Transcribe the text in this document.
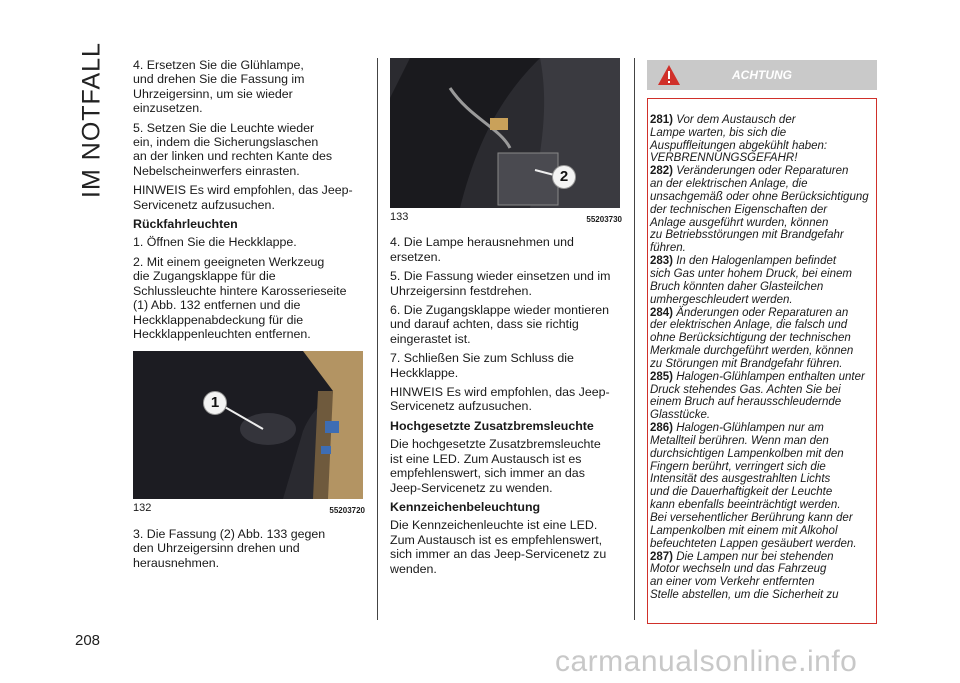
IM NOTFALL
208

4. Ersetzen Sie die Glühlampe,
und drehen Sie die Fassung im
Uhrzeigersinn, um sie wieder
einzusetzen.

5. Setzen Sie die Leuchte wieder
ein, indem die Sicherungslaschen
an der linken und rechten Kante des
Nebelscheinwerfers einrasten.

HINWEIS Es wird empfohlen, das Jeep-
Servicenetz aufzusuchen.

Rückfahrleuchten

1. Öffnen Sie die Heckklappe.

2. Mit einem geeigneten Werkzeug
die Zugangsklappe für die
Schlussleuchte hintere Karosserieseite
(1) Abb. 132 entfernen und die
Heckklappenabdeckung für die
Heckklappenleuchten entfernen.

1
132	55203720

3. Die Fassung (2) Abb. 133 gegen
den Uhrzeigersinn drehen und
herausnehmen.

2
133	55203730

4. Die Lampe herausnehmen und
ersetzen.

5. Die Fassung wieder einsetzen und im
Uhrzeigersinn festdrehen.

6. Die Zugangsklappe wieder montieren
und darauf achten, dass sie richtig
eingerastet ist.

7. Schließen Sie zum Schluss die
Heckklappe.

HINWEIS Es wird empfohlen, das Jeep-
Servicenetz aufzusuchen.

Hochgesetzte Zusatzbremsleuchte

Die hochgesetzte Zusatzbremsleuchte
ist eine LED. Zum Austausch ist es
empfehlenswert, sich immer an das
Jeep-Servicenetz zu wenden.

Kennzeichenbeleuchtung

Die Kennzeichenleuchte ist eine LED.
Zum Austausch ist es empfehlenswert,
sich immer an das Jeep-Servicenetz zu
wenden.

ACHTUNG

281) Vor dem Austausch der
Lampe warten, bis sich die
Auspuffleitungen abgekühlt haben:
VERBRENNUNGSGEFAHR!
282) Veränderungen oder Reparaturen
an der elektrischen Anlage, die
unsachgemäß oder ohne Berücksichtigung
der technischen Eigenschaften der
Anlage ausgeführt wurden, können
zu Betriebsstörungen mit Brandgefahr
führen.
283) In den Halogenlampen befindet
sich Gas unter hohem Druck, bei einem
Bruch könnten daher Glasteilchen
umhergeschleudert werden.
284) Änderungen oder Reparaturen an
der elektrischen Anlage, die falsch und
ohne Berücksichtigung der technischen
Merkmale durchgeführt werden, können
zu Störungen mit Brandgefahr führen.
285) Halogen-Glühlampen enthalten unter
Druck stehendes Gas. Achten Sie bei
einem Bruch auf herausschleudernde
Glasstücke.
286) Halogen-Glühlampen nur am
Metallteil berühren. Wenn man den
durchsichtigen Lampenkolben mit den
Fingern berührt, verringert sich die
Intensität des ausgestrahlten Lichts
und die Dauerhaftigkeit der Leuchte
kann ebenfalls beeinträchtigt werden.
Bei versehentlicher Berührung kann der
Lampenkolben mit einem mit Alkohol
befeuchteten Lappen gesäubert werden.
287) Die Lampen nur bei stehenden
Motor wechseln und das Fahrzeug
an einer vom Verkehr entfernten
Stelle abstellen, um die Sicherheit zu

carmanualsonline.info
